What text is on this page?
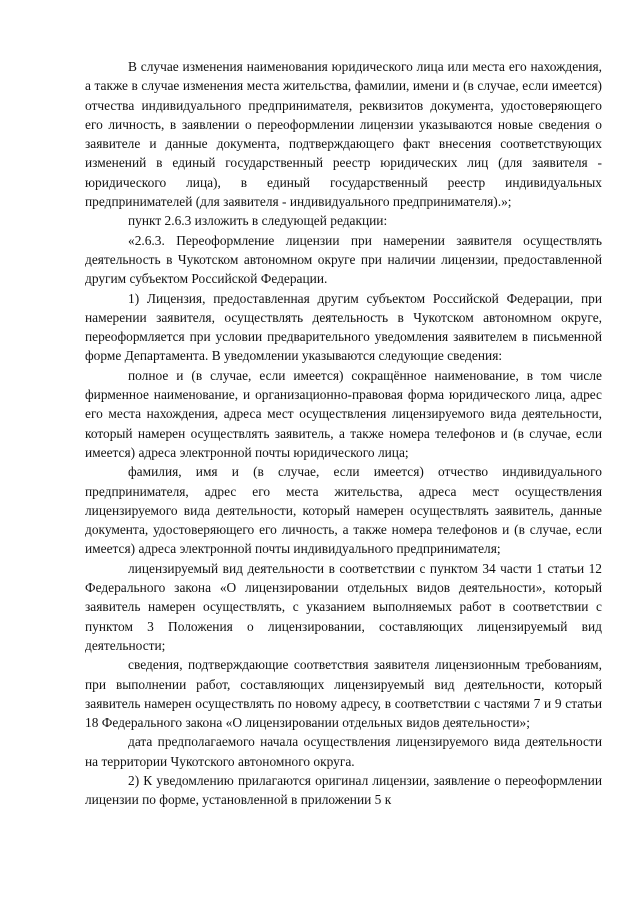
В случае изменения наименования юридического лица или места его нахождения, а также в случае изменения места жительства, фамилии, имени и (в случае, если имеется) отчества индивидуального предпринимателя, реквизитов документа, удостоверяющего его личность, в заявлении о переоформлении лицензии указываются новые сведения о заявителе и данные документа, подтверждающего факт внесения соответствующих изменений в единый государственный реестр юридических лиц (для заявителя - юридического лица), в единый государственный реестр индивидуальных предпринимателей (для заявителя - индивидуального предпринимателя).»;

пункт 2.6.3 изложить в следующей редакции:

«2.6.3. Переоформление лицензии при намерении заявителя осуществлять деятельность в Чукотском автономном округе при наличии лицензии, предоставленной другим субъектом Российской Федерации.

1) Лицензия, предоставленная другим субъектом Российской Федерации, при намерении заявителя, осуществлять деятельность в Чукотском автономном округе, переоформляется при условии предварительного уведомления заявителем в письменной форме Департамента. В уведомлении указываются следующие сведения:

полное и (в случае, если имеется) сокращённое наименование, в том числе фирменное наименование, и организационно-правовая форма юридического лица, адрес его места нахождения, адреса мест осуществления лицензируемого вида деятельности, который намерен осуществлять заявитель, а также номера телефонов и (в случае, если имеется) адреса электронной почты юридического лица;

фамилия, имя и (в случае, если имеется) отчество индивидуального предпринимателя, адрес его места жительства, адреса мест осуществления лицензируемого вида деятельности, который намерен осуществлять заявитель, данные документа, удостоверяющего его личность, а также номера телефонов и (в случае, если имеется) адреса электронной почты индивидуального предпринимателя;

лицензируемый вид деятельности в соответствии с пунктом 34 части 1 статьи 12 Федерального закона «О лицензировании отдельных видов деятельности», который заявитель намерен осуществлять, с указанием выполняемых работ в соответствии с пунктом 3 Положения о лицензировании, составляющих лицензируемый вид деятельности;

сведения, подтверждающие соответствия заявителя лицензионным требованиям, при выполнении работ, составляющих лицензируемый вид деятельности, который заявитель намерен осуществлять по новому адресу, в соответствии с частями 7 и 9 статьи 18 Федерального закона «О лицензировании отдельных видов деятельности»;

дата предполагаемого начала осуществления лицензируемого вида деятельности на территории Чукотского автономного округа.

2) К уведомлению прилагаются оригинал лицензии, заявление о переоформлении лицензии по форме, установленной в приложении 5 к
